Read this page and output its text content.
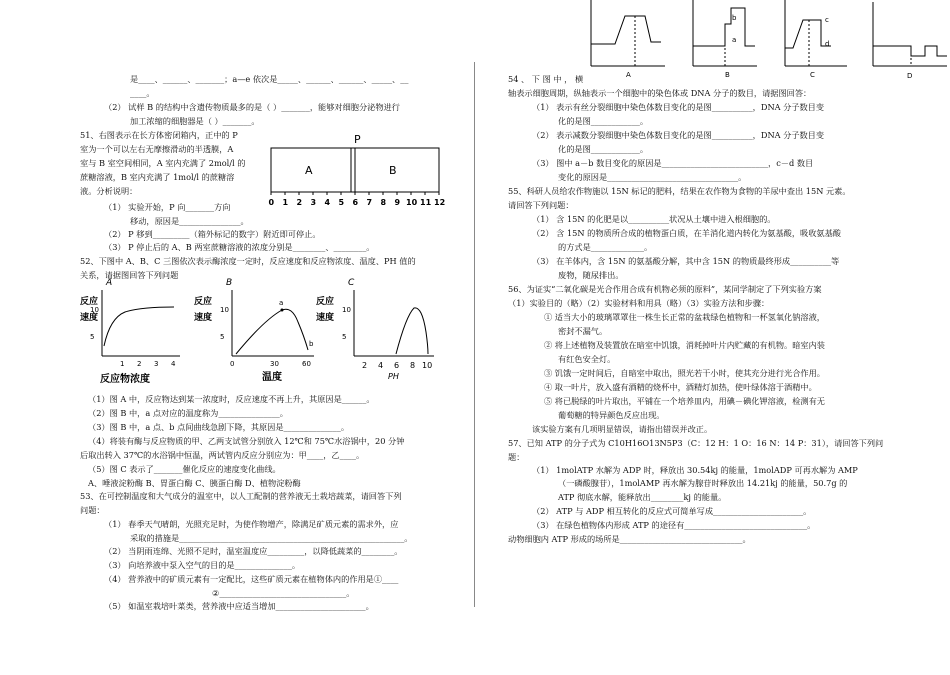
是____、______、_______；a—e 依次是_____、______、______、_____、__
____。
（2） 试样 B 的结构中含遗传物质最多的是（ ）_______，能够对细胞分泌物进行
加工浓缩的细胞器是（ ）_______。
51、右图表示在长方体密闭箱内，正中的 P
室为一个可以左右无摩擦滑动的半透膜，A
室与 B 室空间相同，A 室内充满了 2mol/l 的
蔗糖溶液，B 室内充满了 1mol/l 的蔗糖溶
液。分析说明：
（1） 实验开始，P 向_______方向
移动，原因是_______________。
（2） P 移到_________（箱外标记的数字）附近即可停止。
（3） P 停止后的 A、B 两室蔗糖溶液的浓度分别是________、________。
52、下图中 A、B、C 三图依次表示酶浓度一定时，反应速度和反应物浓度、温度、PH 值的
关系，请据图回答下列问题
（1）图 A 中，反应物达到某一浓度时，反应速度不再上升，其原因是______。
（2）图 B 中，a 点对应的温度称为_______________。
（3）图 B 中，a 点、b 点间曲线急剧下降，其原因是______________。
（4）将装有酶与反应物质的甲、乙两支试管分别放入 12℃和 75℃水浴锅中，20 分钟
后取出转入 37℃的水浴锅中恒温，两试管内反应分别应为：甲____，乙____。
（5）图 C 表示了_______催化反应的速度变化曲线。
A、唾液淀粉酶 B、胃蛋白酶 C、胰蛋白酶 D、植物淀粉酶
53、在可控制温度和大气成分的温室中，以人工配制的营养液无土栽培蔬菜，请回答下列
问题：
（1） 春季天气晴朗，光照充足时，为使作物增产，除满足矿质元素的需求外，应
采取的措施是_______________________________________________________。
（2） 当阴雨连绵、光照不足时，温室温度应_________，以降低蔬菜的________。
（3） 向培养液中泵入空气的目的是______________。
（4） 营养液中的矿质元素有一定配比，这些矿质元素在植物体内的作用是①____
②_______________________________。
（5） 如温室栽培叶菜类，营养液中应适当增加______________________。
54 、 下 图 中 ， 横
轴表示细胞周期，纵轴表示一个细胞中的染色体或 DNA 分子的数目，请据图回答：
（1） 表示有丝分裂细胞中染色体数目变化的是图__________，DNA 分子数目变
化的是图____________。
（2） 表示减数分裂细胞中染色体数目变化的是图__________，DNA 分子数目变
化的是图____________。
（3） 图中 a－b 数目变化的原因是__________________________，c－d 数目
变化的原因是________________________________。
55、科研人员给农作物施以 15N 标记的肥料，结果在农作物为食物的羊尿中查出 15N 元素。
请回答下列问题：
（1） 含 15N 的化肥是以__________状况从土壤中进入根细胞的。
（2） 含 15N 的物质所合成的植物蛋白质，在羊消化道内转化为氨基酸，吸收氨基酸
的方式是_____________。
（3） 在羊体内，含 15N 的氨基酸分解，其中含 15N 的物质最终形成__________等
废物，随尿排出。
56、为证实“二氧化碳是光合作用合成有机物必须的原料”，某同学制定了下列实验方案
（1）实验目的（略）（2）实验材料和用具（略）（3）实验方法和步骤：
① 适当大小的玻璃罩罩住一株生长正常的盆栽绿色植物和一杯氢氧化钠溶液，
密封不漏气。
② 将上述植物及装置放在暗室中饥饿，消耗掉叶片内贮藏的有机物。暗室内装
有红色安全灯。
③ 饥饿一定时间后，自暗室中取出，照光若干小时，使其充分进行光合作用。
④ 取一叶片，放入盛有酒精的烧杯中，酒精灯加热，使叶绿体溶于酒精中。
⑤ 将已脱绿的叶片取出，平铺在一个培养皿内，用碘－碘化钾溶液，检测有无
葡萄糖的特异颜色反应出现。
该实验方案有几项明显错误，请指出错误并改正。
57、已知 ATP 的分子式为 C10H16O13N5P3（C：12 H：1 O：16 N：14 P：31），请回答下列问
题：
（1） 1molATP 水解为 ADP 时，释放出 30.54kj 的能量，1molADP 可再水解为 AMP
（一磷酸腺苷），1molAMP 再水解为腺苷时释放出 14.21kj 的能量，50.7g 的
ATP 彻底水解，能释放出________kj 的能量。
（2） ATP 与 ADP 相互转化的反应式可简单写成______________________。
（3） 在绿色植物体内形成 ATP 的途径有______________________________。
动物细胞内 ATP 形成的场所是______________________________。
P
A	B
0 1 2 3 4 5 6 7 8 9 10 11 12
A
反应
速度
10
5
1 2 3 4
反应物浓度
B
反应
速度
10
5
a
b
0	30	60
温度
C
反应
速度
10
5
2 4 6 8 10
PH
A
b
a
B
c
d
C	D
